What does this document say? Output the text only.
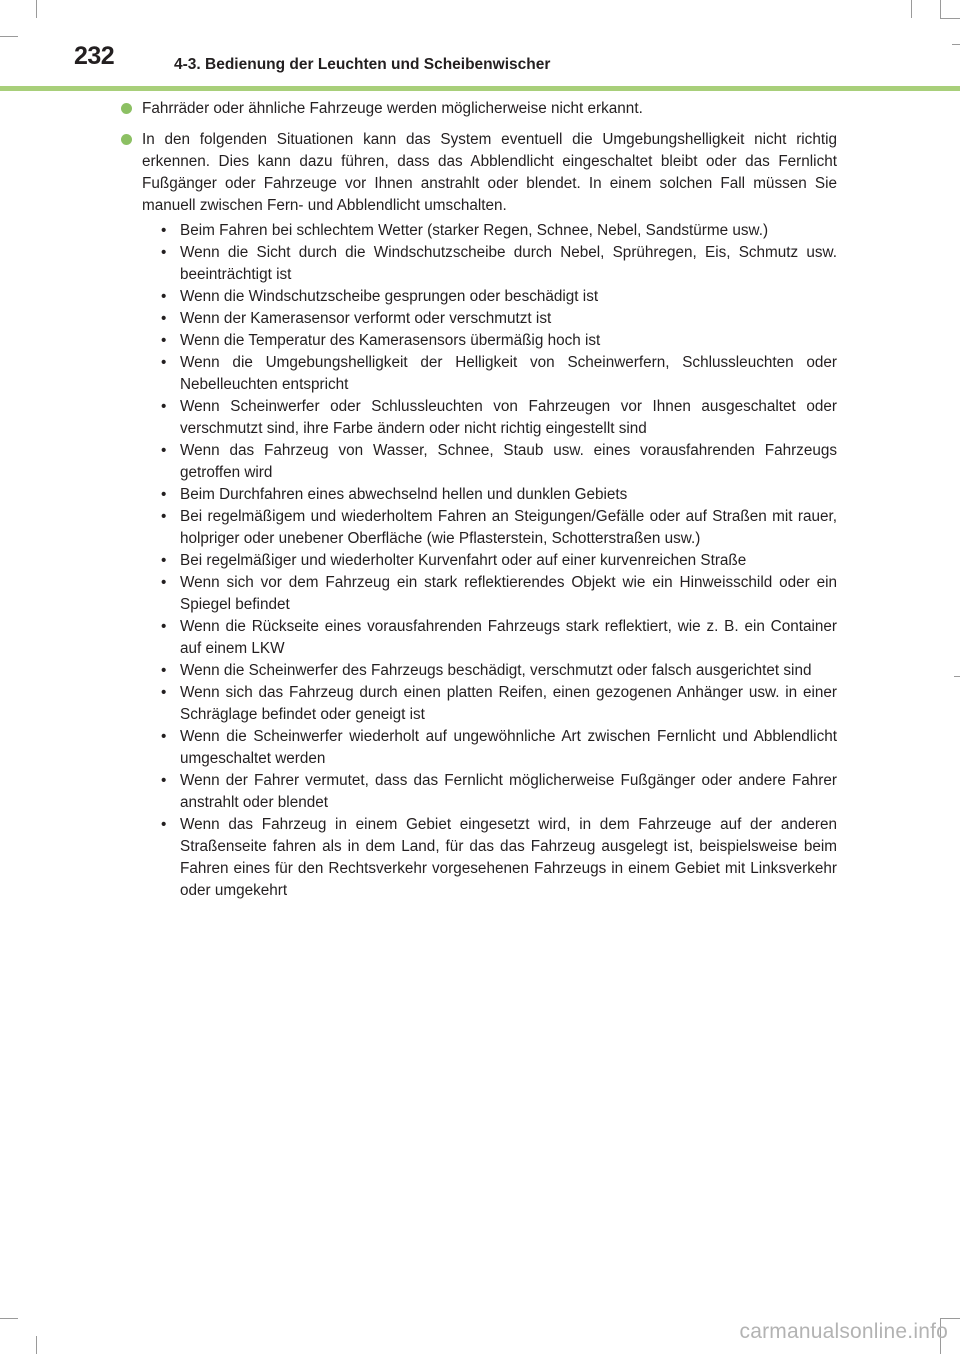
232	4-3. Bedienung der Leuchten und Scheibenwischer
Fahrräder oder ähnliche Fahrzeuge werden möglicherweise nicht erkannt.
In den folgenden Situationen kann das System eventuell die Umgebungshelligkeit nicht richtig erkennen. Dies kann dazu führen, dass das Abblendlicht eingeschaltet bleibt oder das Fernlicht Fußgänger oder Fahrzeuge vor Ihnen anstrahlt oder blendet. In einem solchen Fall müssen Sie manuell zwischen Fern- und Abblendlicht umschalten.
• Beim Fahren bei schlechtem Wetter (starker Regen, Schnee, Nebel, Sandstürme usw.)
• Wenn die Sicht durch die Windschutzscheibe durch Nebel, Sprühregen, Eis, Schmutz usw. beeinträchtigt ist
• Wenn die Windschutzscheibe gesprungen oder beschädigt ist
• Wenn der Kamerasensor verformt oder verschmutzt ist
• Wenn die Temperatur des Kamerasensors übermäßig hoch ist
• Wenn die Umgebungshelligkeit der Helligkeit von Scheinwerfern, Schlussleuchten oder Nebelleuchten entspricht
• Wenn Scheinwerfer oder Schlussleuchten von Fahrzeugen vor Ihnen ausgeschaltet oder verschmutzt sind, ihre Farbe ändern oder nicht richtig eingestellt sind
• Wenn das Fahrzeug von Wasser, Schnee, Staub usw. eines vorausfahrenden Fahrzeugs getroffen wird
• Beim Durchfahren eines abwechselnd hellen und dunklen Gebiets
• Bei regelmäßigem und wiederholtem Fahren an Steigungen/Gefälle oder auf Straßen mit rauer, holpriger oder unebener Oberfläche (wie Pflasterstein, Schotterstraßen usw.)
• Bei regelmäßiger und wiederholter Kurvenfahrt oder auf einer kurvenreichen Straße
• Wenn sich vor dem Fahrzeug ein stark reflektierendes Objekt wie ein Hinweisschild oder ein Spiegel befindet
• Wenn die Rückseite eines vorausfahrenden Fahrzeugs stark reflektiert, wie z. B. ein Container auf einem LKW
• Wenn die Scheinwerfer des Fahrzeugs beschädigt, verschmutzt oder falsch ausgerichtet sind
• Wenn sich das Fahrzeug durch einen platten Reifen, einen gezogenen Anhänger usw. in einer Schräglage befindet oder geneigt ist
• Wenn die Scheinwerfer wiederholt auf ungewöhnliche Art zwischen Fernlicht und Abblendlicht umgeschaltet werden
• Wenn der Fahrer vermutet, dass das Fernlicht möglicherweise Fußgänger oder andere Fahrer anstrahlt oder blendet
• Wenn das Fahrzeug in einem Gebiet eingesetzt wird, in dem Fahrzeuge auf der anderen Straßenseite fahren als in dem Land, für das das Fahrzeug ausgelegt ist, beispielsweise beim Fahren eines für den Rechtsverkehr vorgesehenen Fahrzeugs in einem Gebiet mit Linksverkehr oder umgekehrt
carmanualsonline.info
